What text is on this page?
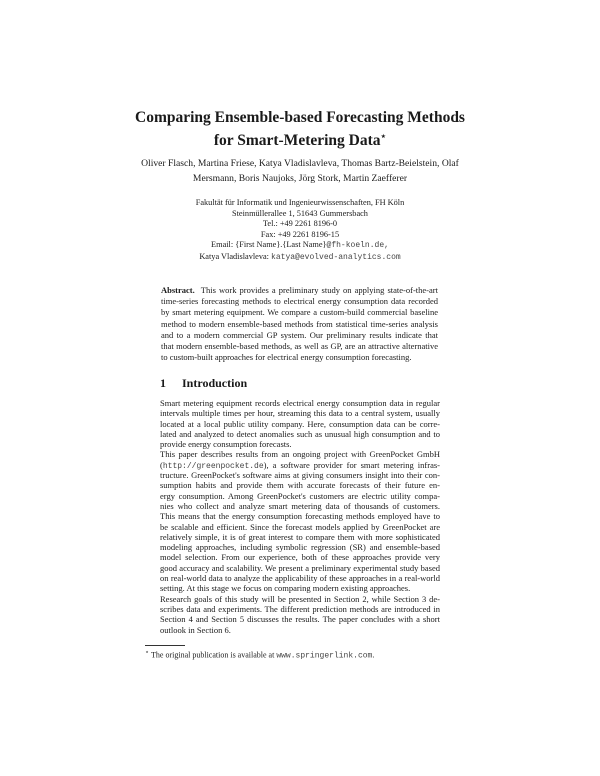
Comparing Ensemble-based Forecasting Methods
for Smart-Metering Data⋆
Oliver Flasch, Martina Friese, Katya Vladislavleva, Thomas Bartz-Beielstein, Olaf
Mersmann, Boris Naujoks, Jörg Stork, Martin Zaefferer
Fakultät für Informatik und Ingenieurwissenschaften, FH Köln
Steinmüllerallee 1, 51643 Gummersbach
Tel.: +49 2261 8196-0
Fax: +49 2261 8196-15
Email: {First Name}.{Last Name}@fh-koeln.de,
Katya Vladislavleva: katya@evolved-analytics.com
Abstract. This work provides a preliminary study on applying state-of-the-art
time-series forecasting methods to electrical energy consumption data recorded
by smart metering equipment. We compare a custom-build commercial baseline
method to modern ensemble-based methods from statistical time-series analysis
and to a modern commercial GP system. Our preliminary results indicate that
that modern ensemble-based methods, as well as GP, are an attractive alternative
to custom-built approaches for electrical energy consumption forecasting.
1 Introduction
Smart metering equipment records electrical energy consumption data in regular
intervals multiple times per hour, streaming this data to a central system, usually
located at a local public utility company. Here, consumption data can be corre-
lated and analyzed to detect anomalies such as unusual high consumption and to
provide energy consumption forecasts.
This paper describes results from an ongoing project with GreenPocket GmbH
(http://greenpocket.de), a software provider for smart metering infras-
tructure. GreenPocket's software aims at giving consumers insight into their con-
sumption habits and provide them with accurate forecasts of their future en-
ergy consumption. Among GreenPocket's customers are electric utility compa-
nies who collect and analyze smart metering data of thousands of customers.
This means that the energy consumption forecasting methods employed have to
be scalable and efficient. Since the forecast models applied by GreenPocket are
relatively simple, it is of great interest to compare them with more sophisticated
modeling approaches, including symbolic regression (SR) and ensemble-based
model selection. From our experience, both of these approaches provide very
good accuracy and scalability. We present a preliminary experimental study based
on real-world data to analyze the applicability of these approaches in a real-world
setting. At this stage we focus on comparing modern existing approaches.
Research goals of this study will be presented in Section 2, while Section 3 de-
scribes data and experiments. The different prediction methods are introduced in
Section 4 and Section 5 discusses the results. The paper concludes with a short
outlook in Section 6.
⋆ The original publication is available at www.springerlink.com.
